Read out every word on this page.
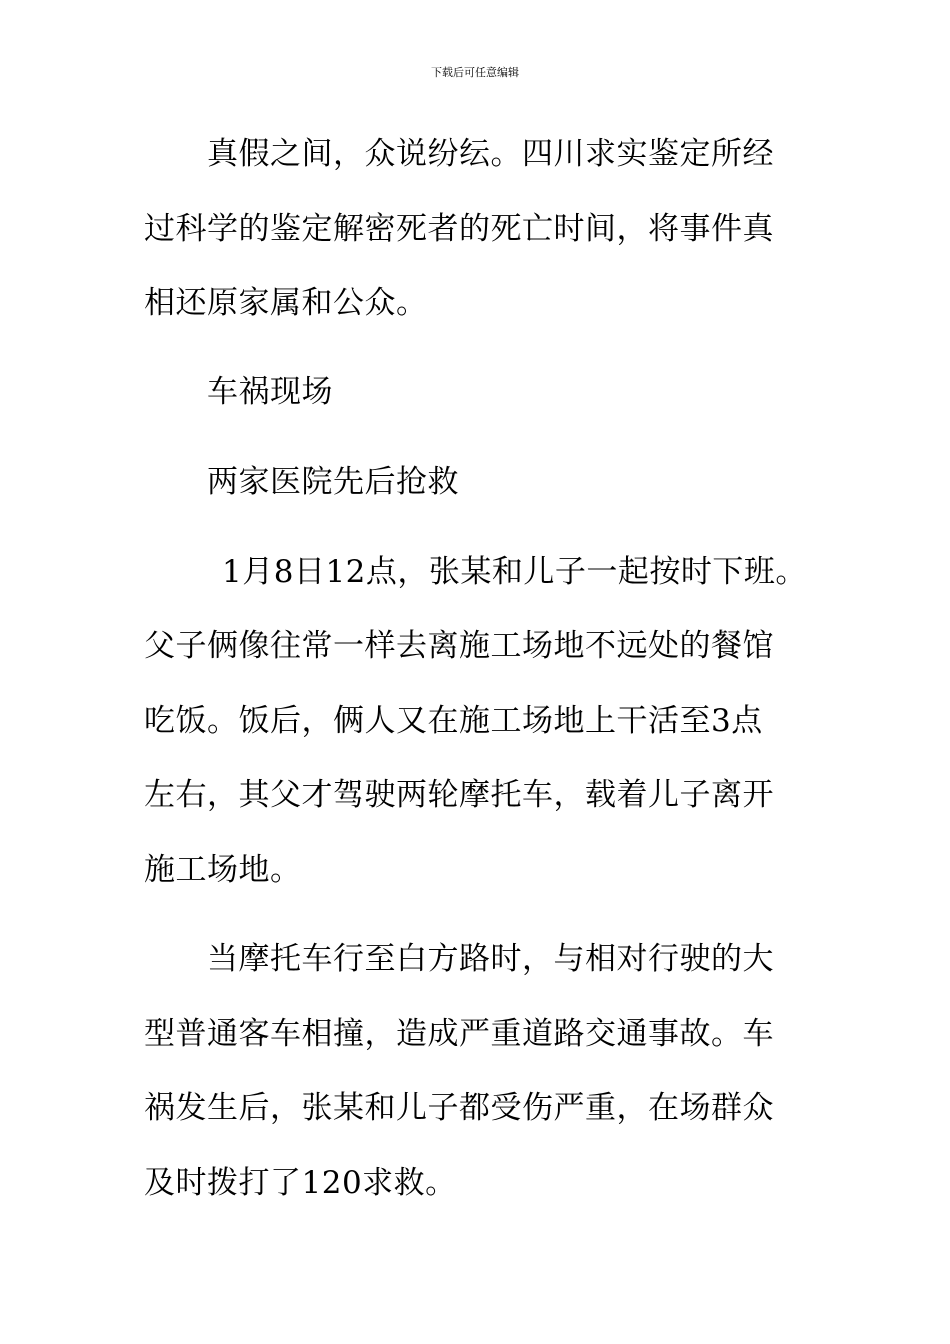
下载后可任意编辑
真假之间，众说纷纭。四川求实鉴定所经
过科学的鉴定解密死者的死亡时间，将事件真
相还原家属和公众。
车祸现场
两家医院先后抢救
1月8日12点，张某和儿子一起按时下班。
父子俩像往常一样去离施工场地不远处的餐馆
吃饭。饭后，俩人又在施工场地上干活至3点
左右，其父才驾驶两轮摩托车，载着儿子离开
施工场地。
当摩托车行至白方路时，与相对行驶的大
型普通客车相撞，造成严重道路交通事故。车
祸发生后，张某和儿子都受伤严重，在场群众
及时拨打了120求救。
